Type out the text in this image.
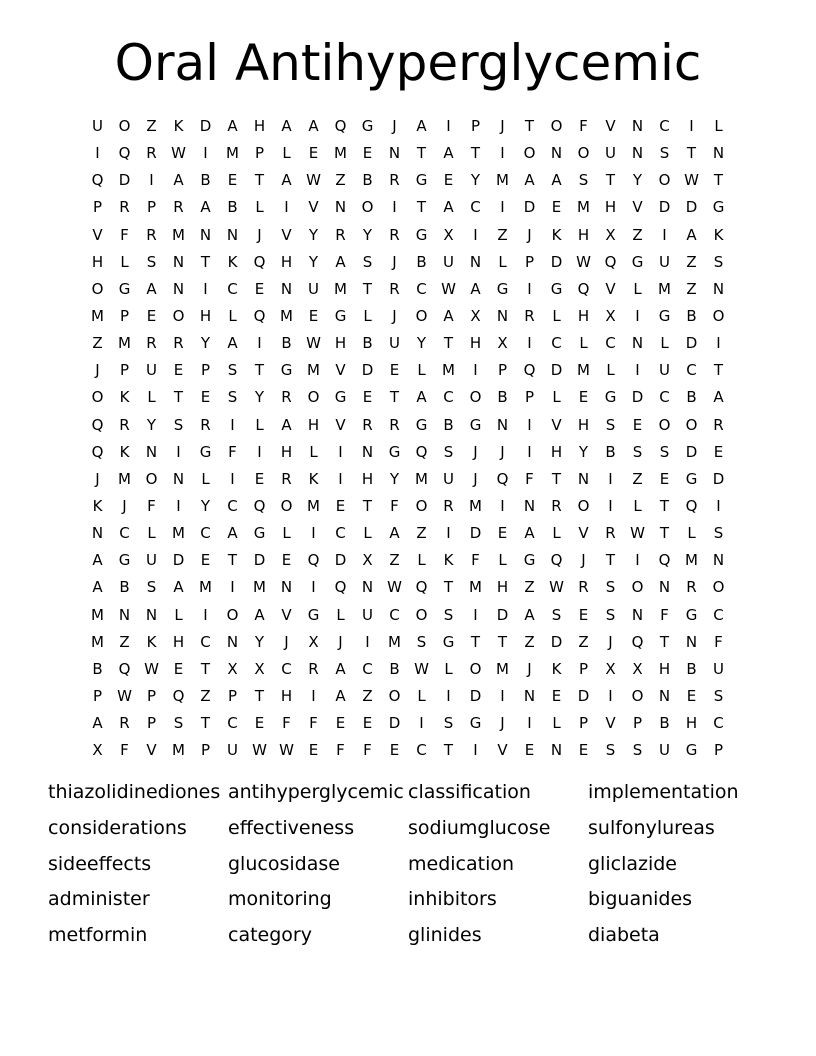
Oral Antihyperglycemic
U	O	Z	K	D	A	H	A	A	Q	G	J	A	I	P	J	T	O	F	V	N	C	I	L
I	Q	R W	I	M	P	L	E	M	E	N	T	A	T	I	O	N	O	U	N	S	T	N
Q	D	I	A	B	E	T	A W Z	B	R	G	E	Y	M	A	A	S	T	Y	O W T
P	R	P	R	A	B	L	I	V	N	O	I	T	A	C	I	D	E	M H	V	D	D	G
V	F	R	M N	N	J	V	Y	R	Y	R	G	X	I	Z	J	K	H	X	Z	I	A	K
H	L	S	N	T	K	Q	H	Y	A	S	J	B	U	N	L	P	D W Q	G	U	Z	S
O	G	A	N	I	C	E	N	U	M	T	R	C W A	G	I	G	Q	V	L	M	Z	N
M	P	E	O	H	L	Q M	E	G	L	J	O	A	X	N	R	L	H	X	I	G	B	O
Z	M	R	R	Y	A	I	B W H	B	U	Y	T	H	X	I	C	L	C	N	L	D	I
J	P	U	E	P	S	T	G M	V	D	E	L	M	I	P	Q	D M	L	I	U	C	T
O	K	L	T	E	S	Y	R	O	G	E	T	A	C	O	B	P	L	E	G	D	C	B	A
Q	R	Y	S	R	I	L	A	H	V	R	R	G	B	G	N	I	V	H	S	E	O	O	R
Q	K	N	I	G	F	I	H	L	I	N	G	Q	S	J	J	I	H	Y	B	S	S	D	E
J	M O	N	L	I	E	R	K	I	H	Y	M	U	J	Q	F	T	N	I	Z	E	G	D
K	J	F	I	Y	C	Q	O M	E	T	F	O	R	M	I	N	R	O	I	L	T	Q	I
N	C	L	M	C	A	G	L	I	C	L	A	Z	I	D	E	A	L	V	R W T	L	S
A	G	U	D	E	T	D	E	Q	D	X	Z	L	K	F	L	G	Q	J	T	I	Q M N
A	B	S	A	M	I	M N	I	Q	N W Q	T	M H	Z W R	S	O	N	R	O
M N	N	L	I	O	A	V	G	L	U	C	O	S	I	D	A	S	E	S	N	F	G	C
M	Z	K	H	C	N	Y	J	X	J	I	M	S	G	T	T	Z	D	Z	J	Q	T	N	F
B	Q W E	T	X	X	C	R	A	C	B W	L	O M	J	K	P	X	X	H	B	U
P	W	P	Q	Z	P	T	H	I	A	Z	O	L	I	D	I	N	E	D	I	O	N	E	S
A	R	P	S	T	C	E	F	F	E	E	D	I	S	G	J	I	L	P	V	P	B	H	C
X	F	V	M	P	U W W E	F	F	E	C	T	I	V	E	N	E	S	S	U	G	P
thiazolidinediones antihyperglycemic classification	implementation
considerations	effectiveness	sodiumglucose	sulfonylureas
sideeffects	glucosidase	medication	gliclazide
administer	monitoring	inhibitors	biguanides
metformin	category	glinides	diabeta
